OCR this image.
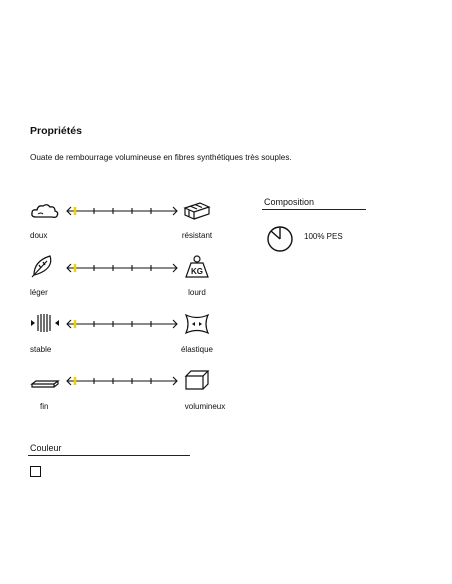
Propriétés
Ouate de rembourrage volumineuse en fibres synthétiques très souples.
doux	résistant
KG
léger	lourd
stable	élastique
fin	volumineux
Composition
100% PES
Couleur
